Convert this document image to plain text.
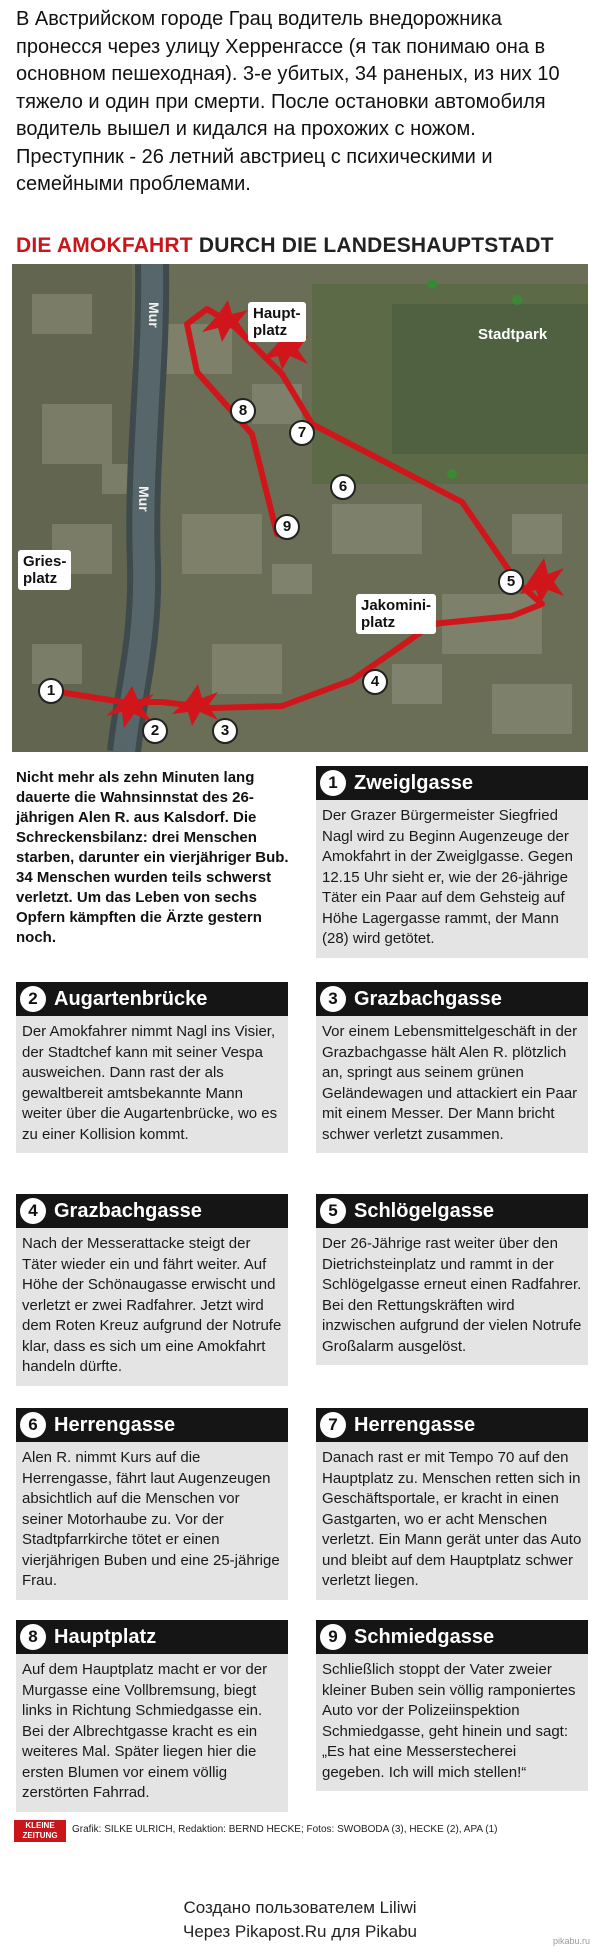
В Австрийском городе Грац водитель внедорожника пронесся через улицу Херренгассе (я так понимаю она в основном пешеходная). 3-е убитых, 34 раненых, из них 10 тяжело и один при смерти. После остановки автомобиля водитель вышел и кидался на прохожих с ножом. Преступник - 26 летний австриец с психическими и семейными проблемами.
DIE AMOKFAHRT DURCH DIE LANDESHAUPTSTADT
Mur
Mur
Stadtpark
Haupt-
platz
Gries-
platz
Jakomini-
platz
1
2	3
4
5
6
7
8
9
Nicht mehr als zehn Minuten lang dauerte die Wahnsinnstat des 26-jährigen Alen R. aus Kalsdorf. Die Schreckensbilanz: drei Menschen starben, darunter ein vierjähriger Bub. 34 Menschen wurden teils schwerst verletzt. Um das Leben von sechs Opfern kämpften die Ärzte gestern noch.
1 Zweiglgasse
Der Grazer Bürgermeister Siegfried Nagl wird zu Beginn Augenzeuge der Amokfahrt in der Zweiglgasse. Gegen 12.15 Uhr sieht er, wie der 26-jährige Täter ein Paar auf dem Gehsteig auf Höhe Lagergasse rammt, der Mann (28) wird getötet.
2 Augartenbrücke
Der Amokfahrer nimmt Nagl ins Visier, der Stadtchef kann mit seiner Vespa ausweichen. Dann rast der als gewaltbereit amtsbekannte Mann weiter über die Augartenbrücke, wo es zu einer Kollision kommt.
3 Grazbachgasse
Vor einem Lebensmittelgeschäft in der Grazbachgasse hält Alen R. plötzlich an, springt aus seinem grünen Geländewagen und attackiert ein Paar mit einem Messer. Der Mann bricht schwer verletzt zusammen.
4 Grazbachgasse
Nach der Messerattacke steigt der Täter wieder ein und fährt weiter. Auf Höhe der Schönaugasse erwischt und verletzt er zwei Radfahrer. Jetzt wird dem Roten Kreuz aufgrund der Notrufe klar, dass es sich um eine Amokfahrt handeln dürfte.
5 Schlögelgasse
Der 26-Jährige rast weiter über den Dietrichsteinplatz und rammt in der Schlögelgasse erneut einen Radfahrer. Bei den Rettungskräften wird inzwischen aufgrund der vielen Notrufe Großalarm ausgelöst.
6 Herrengasse
Alen R. nimmt Kurs auf die Herrengasse, fährt laut Augenzeugen absichtlich auf die Menschen vor seiner Motorhaube zu. Vor der Stadtpfarrkirche tötet er einen vierjährigen Buben und eine 25-jährige Frau.
7 Herrengasse
Danach rast er mit Tempo 70 auf den Hauptplatz zu. Menschen retten sich in Geschäftsportale, er kracht in einen Gastgarten, wo er acht Menschen verletzt. Ein Mann gerät unter das Auto und bleibt auf dem Hauptplatz schwer verletzt liegen.
8 Hauptplatz
Auf dem Hauptplatz macht er vor der Murgasse eine Vollbremsung, biegt links in Richtung Schmiedgasse ein. Bei der Albrechtgasse kracht es ein weiteres Mal. Später liegen hier die ersten Blumen vor einem völlig zerstörten Fahrrad.
9 Schmiedgasse
Schließlich stoppt der Vater zweier kleiner Buben sein völlig ramponiertes Auto vor der Polizeiinspektion Schmiedgasse, geht hinein und sagt: „Es hat eine Messerstecherei gegeben. Ich will mich stellen!“
KLEINE
ZEITUNG
Grafik: SILKE ULRICH, Redaktion: BERND HECKE; Fotos: SWOBODA (3), HECKE (2), APA (1)
Создано пользователем Liliwi
Через Pikapost.Ru для Pikabu	pikabu.ru
